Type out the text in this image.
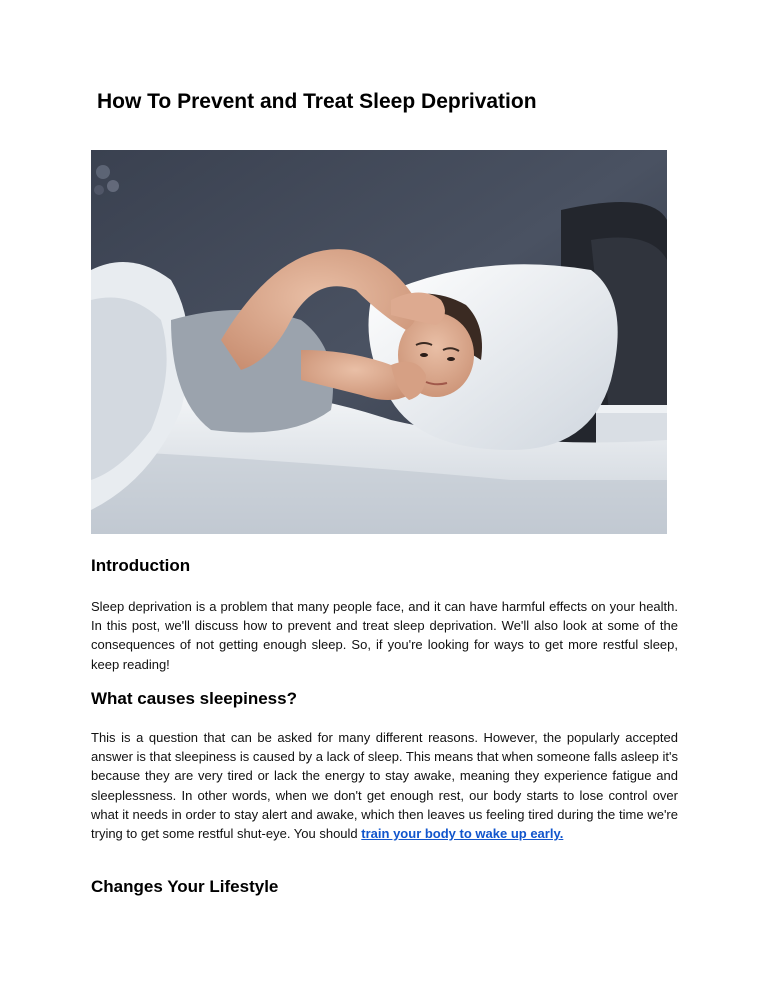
How To Prevent and Treat Sleep Deprivation
Introduction

Sleep deprivation is a problem that many people face, and it can have harmful effects on your health. In this post, we'll discuss how to prevent and treat sleep deprivation. We'll also look at some of the consequences of not getting enough sleep. So, if you're looking for ways to get more restful sleep, keep reading!

What causes sleepiness?

This is a question that can be asked for many different reasons. However, the popularly accepted answer is that sleepiness is caused by a lack of sleep. This means that when someone falls asleep it's because they are very tired or lack the energy to stay awake, meaning they experience fatigue and sleeplessness. In other words, when we don't get enough rest, our body starts to lose control over what it needs in order to stay alert and awake, which then leaves us feeling tired during the time we're trying to get some restful shut-eye. You should train your body to wake up early.

Changes Your Lifestyle
